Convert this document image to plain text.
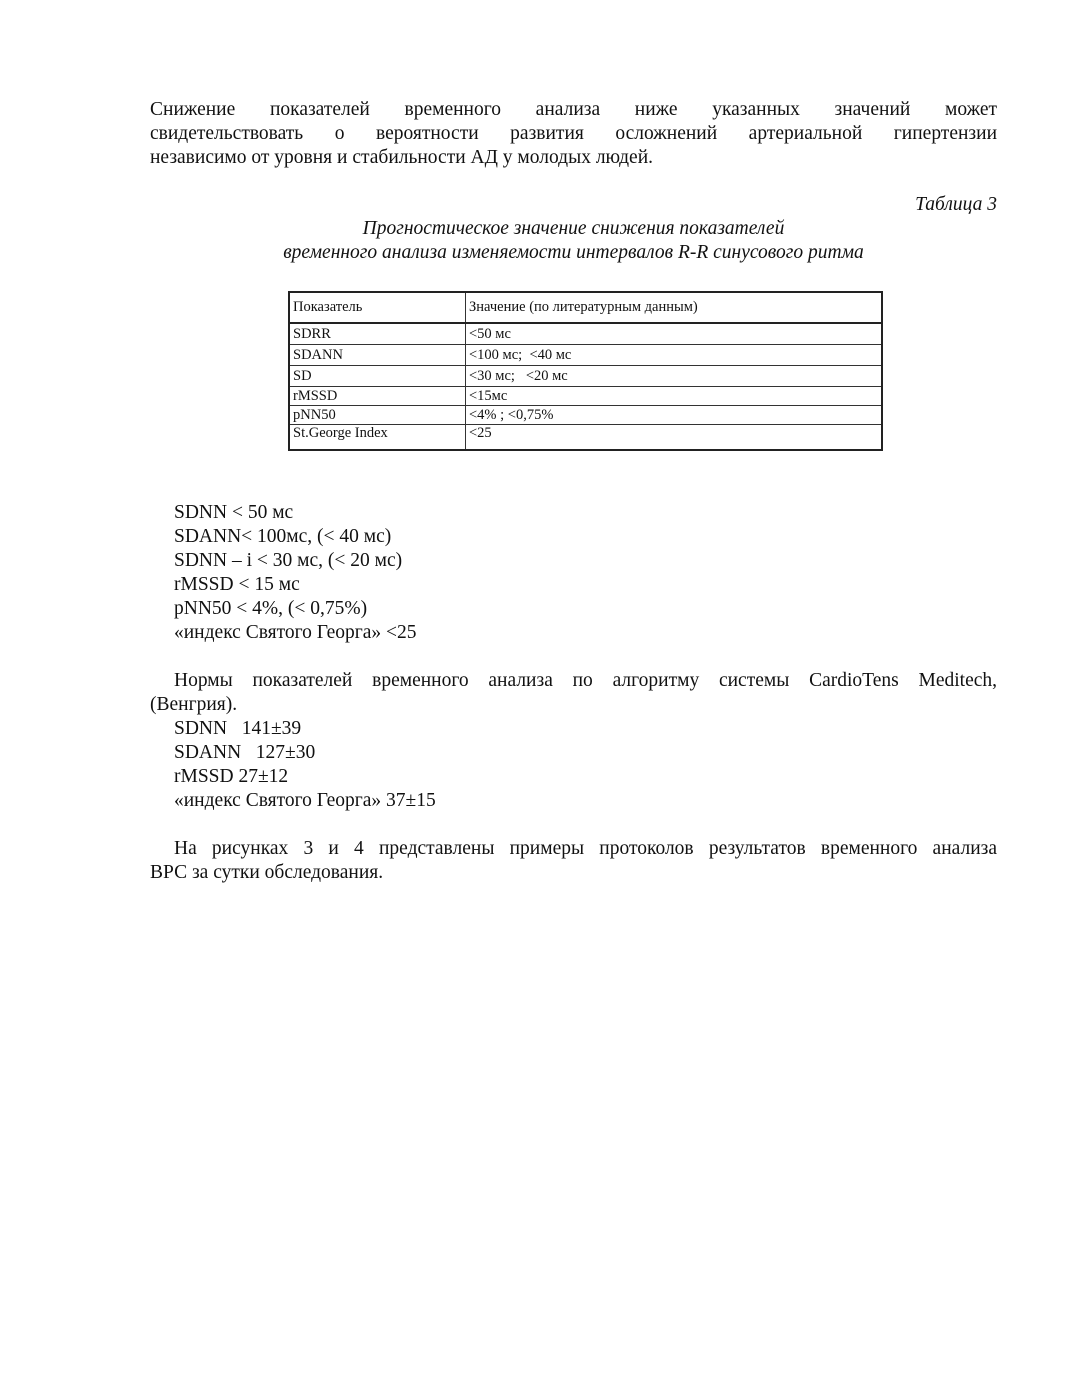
Снижение показателей временного анализа ниже указанных значений может
свидетельствовать о вероятности развития осложнений артериальной гипертензии
независимо от уровня и стабильности АД у молодых людей.

Таблица 3

Прогностическое значение снижения показателей

временного анализа изменяемости интервалов R-R синусового ритма

Показатель	Значение (по литературным данным)
SDRR	<50 мс
SDANN	<100 мс;  <40 мс
SD	<30 мс;   <20 мс
rMSSD	<15мс
pNN50	<4% ; <0,75%
St.George Index	<25
SDNN < 50 мс
SDANN< 100мс, (< 40 мс)
SDNN – i < 30 мс, (< 20 мс)
rMSSD < 15 мс
pNN50 < 4%, (< 0,75%)
«индекс Святого Георга» <25
Нормы показателей временного анализа по алгоритму системы CardioTens Meditech,
(Венгрия).
SDNN   141±39
SDANN   127±30
rMSSD 27±12
«индекс Святого Георга» 37±15
На рисунках 3 и 4 представлены примеры протоколов результатов временного анализа
ВРС за сутки обследования.
